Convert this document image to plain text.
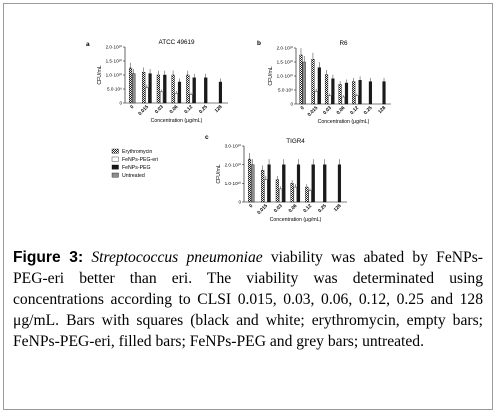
a	ATCC 49619
0
5.0·10⁹
1.0·10¹⁰
1.5·10¹⁰
2.0·10¹⁰
CFU/mL
0 0.015 0.03 0.06 0.12 0.25 128
Concentration (μg/mL)
b	R6
0
5.0·10⁹
1.0·10¹⁰
1.5·10¹⁰
2.0·10¹⁰
CFU/mL
0 0.015 0.03 0.06 0.12 0.25 128
Concentration (μg/mL)
c
TIGR4
0
1.0·10¹⁰
2.0·10¹⁰
3.0·10¹⁰
CFU/mL
0 0.015 0.03 0.06 0.12 0.25 128
Concentration (μg/mL)
Erythromycin
FeNPs-PEG-eri
FeNPs-PEG
Untreated
Figure 3: Streptococcus pneumoniae viability was abated by FeNPs-PEG-eri better than eri. The viability was determinated using concentrations according to CLSI 0.015, 0.03, 0.06, 0.12, 0.25 and 128 μg/mL. Bars with squares (black and white; erythromycin, empty bars; FeNPs-PEG-eri, filled bars; FeNPs-PEG and grey bars; untreated.
